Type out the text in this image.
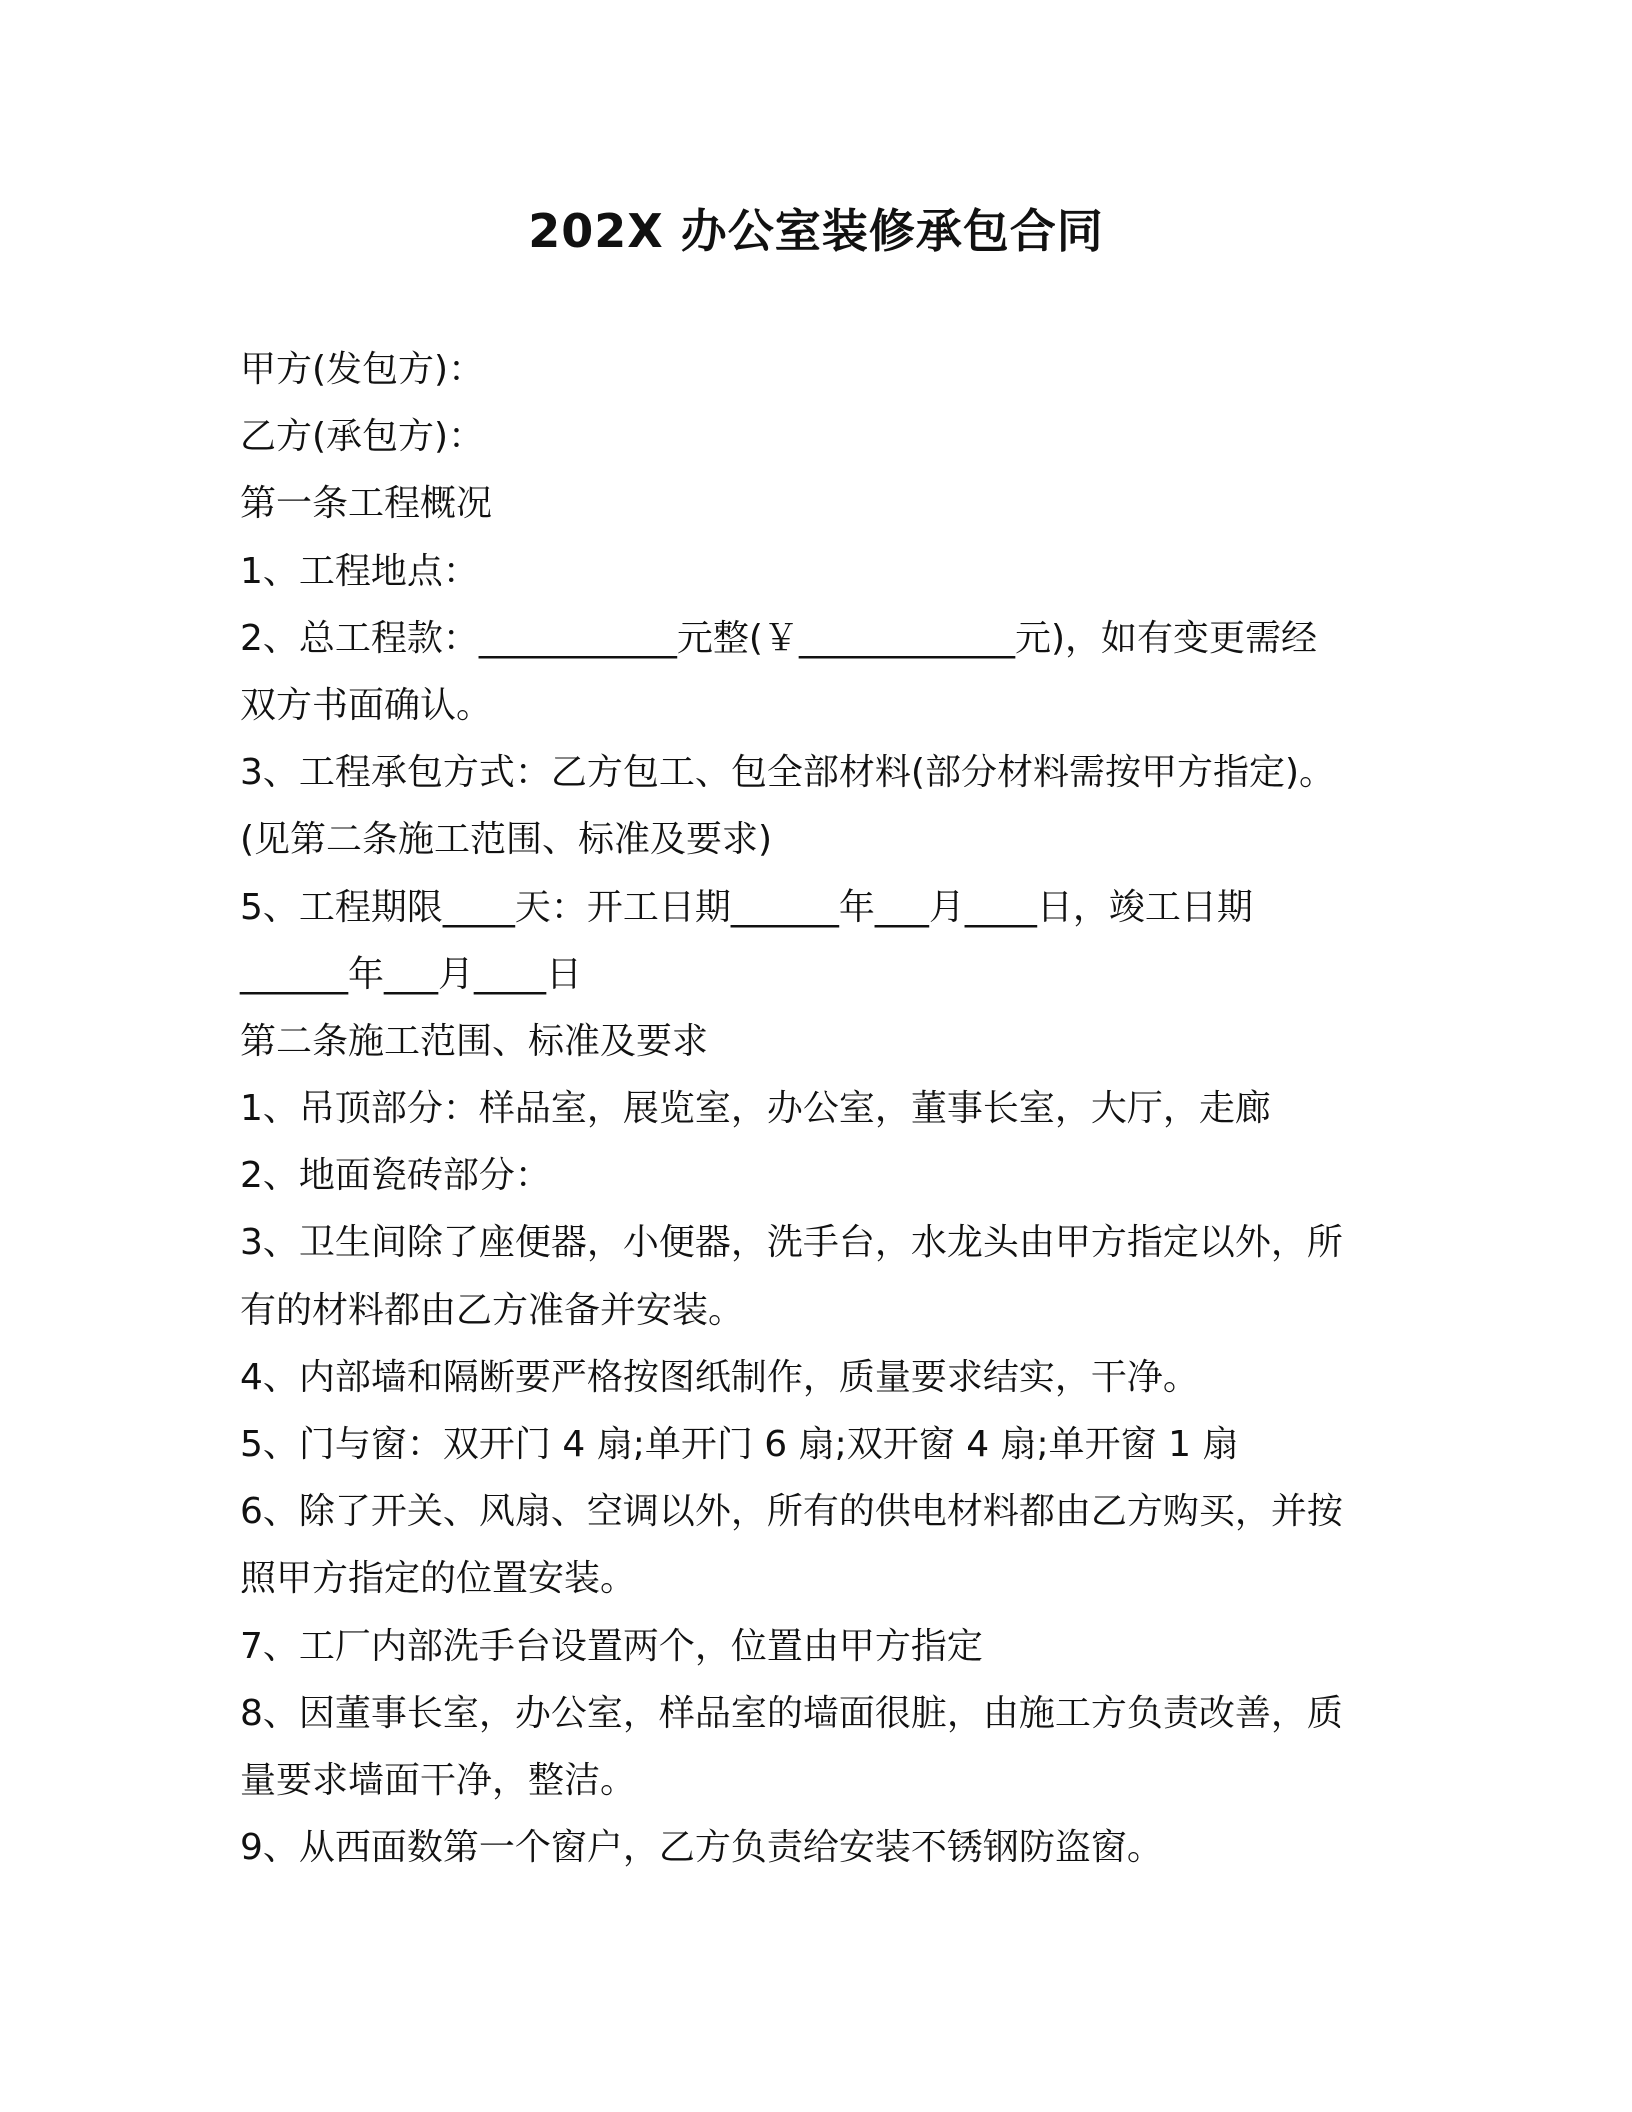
202X 办公室装修承包合同
甲方(发包方)：
乙方(承包方)：
第一条工程概况
1、工程地点：
2、总工程款：___________元整(￥____________元)，如有变更需经
双方书面确认。
3、工程承包方式：乙方包工、包全部材料(部分材料需按甲方指定)。
(见第二条施工范围、标准及要求)
5、工程期限____天：开工日期______年___月____日，竣工日期
______年___月____日
第二条施工范围、标准及要求
1、吊顶部分：样品室，展览室，办公室，董事长室，大厅，走廊
2、地面瓷砖部分：
3、卫生间除了座便器，小便器，洗手台，水龙头由甲方指定以外，所
有的材料都由乙方准备并安装。
4、内部墙和隔断要严格按图纸制作，质量要求结实，干净。
5、门与窗：双开门 4 扇;单开门 6 扇;双开窗 4 扇;单开窗 1 扇
6、除了开关、风扇、空调以外，所有的供电材料都由乙方购买，并按
照甲方指定的位置安装。
7、工厂内部洗手台设置两个，位置由甲方指定
8、因董事长室，办公室，样品室的墙面很脏，由施工方负责改善，质
量要求墙面干净，整洁。
9、从西面数第一个窗户，乙方负责给安装不锈钢防盗窗。
